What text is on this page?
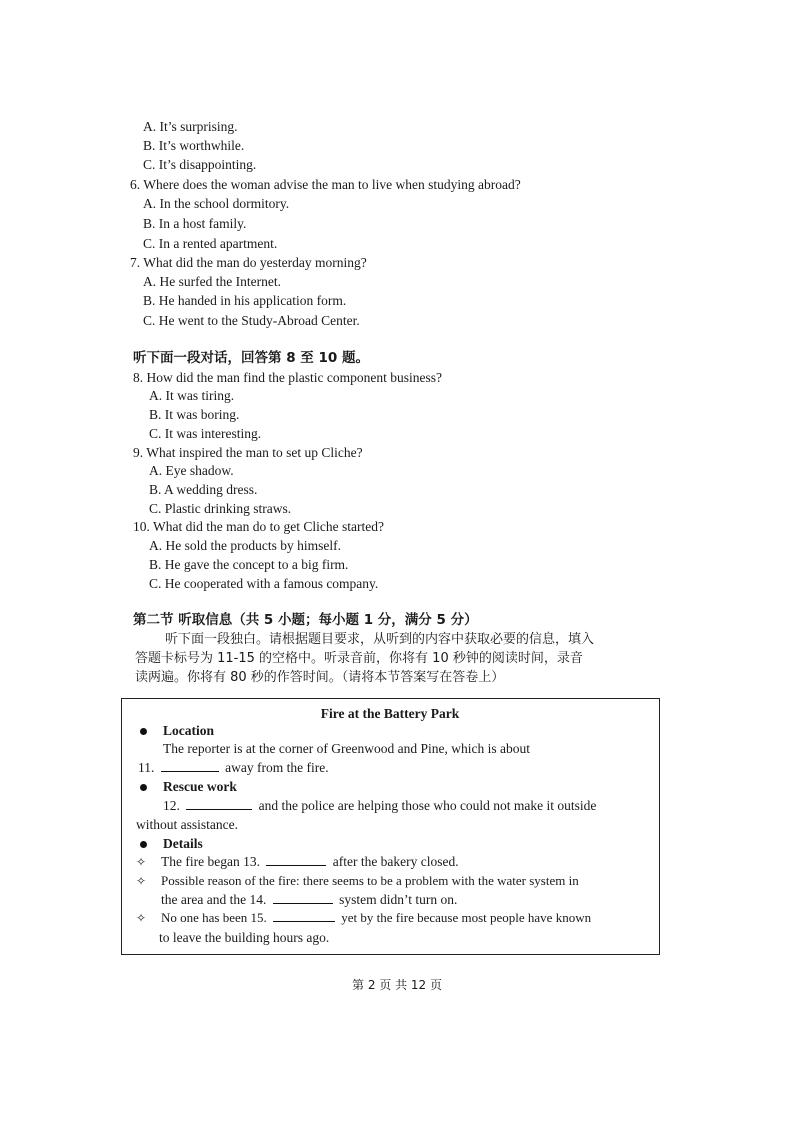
A. It’s surprising.
B. It’s worthwhile.
C. It’s disappointing.
6. Where does the woman advise the man to live when studying abroad?
A. In the school dormitory.
B. In a host family.
C. In a rented apartment.
7. What did the man do yesterday morning?
A. He surfed the Internet.
B. He handed in his application form.
C. He went to the Study-Abroad Center.
听下面一段对话，回答第 8 至 10 题。
8. How did the man find the plastic component business?
A. It was tiring.
B. It was boring.
C. It was interesting.
9. What inspired the man to set up Cliche?
A. Eye shadow.
B. A wedding dress.
C. Plastic drinking straws.
10. What did the man do to get Cliche started?
A. He sold the products by himself.
B. He gave the concept to a big firm.
C. He cooperated with a famous company.
第二节 听取信息（共 5 小题；每小题 1 分，满分 5 分）
听下面一段独白。请根据题目要求，从听到的内容中获取必要的信息，填入
答题卡标号为 11-15 的空格中。听录音前，你将有 10 秒钟的阅读时间，录音
读两遍。你将有 80 秒的作答时间。（请将本节答案写在答卷上）
Fire at the Battery Park
Location
The reporter is at the corner of Greenwood and Pine, which is about
11.	away from the fire.
Rescue work
12.	and the police are helping those who could not make it outside
without assistance.
Details
✧ The fire began 13.	after the bakery closed.
✧ Possible reason of the fire: there seems to be a problem with the water system in
the area and the 14.	system didn’t turn on.
✧ No one has been 15.	yet by the fire because most people have known
to leave the building hours ago.
第 2 页 共 12 页
